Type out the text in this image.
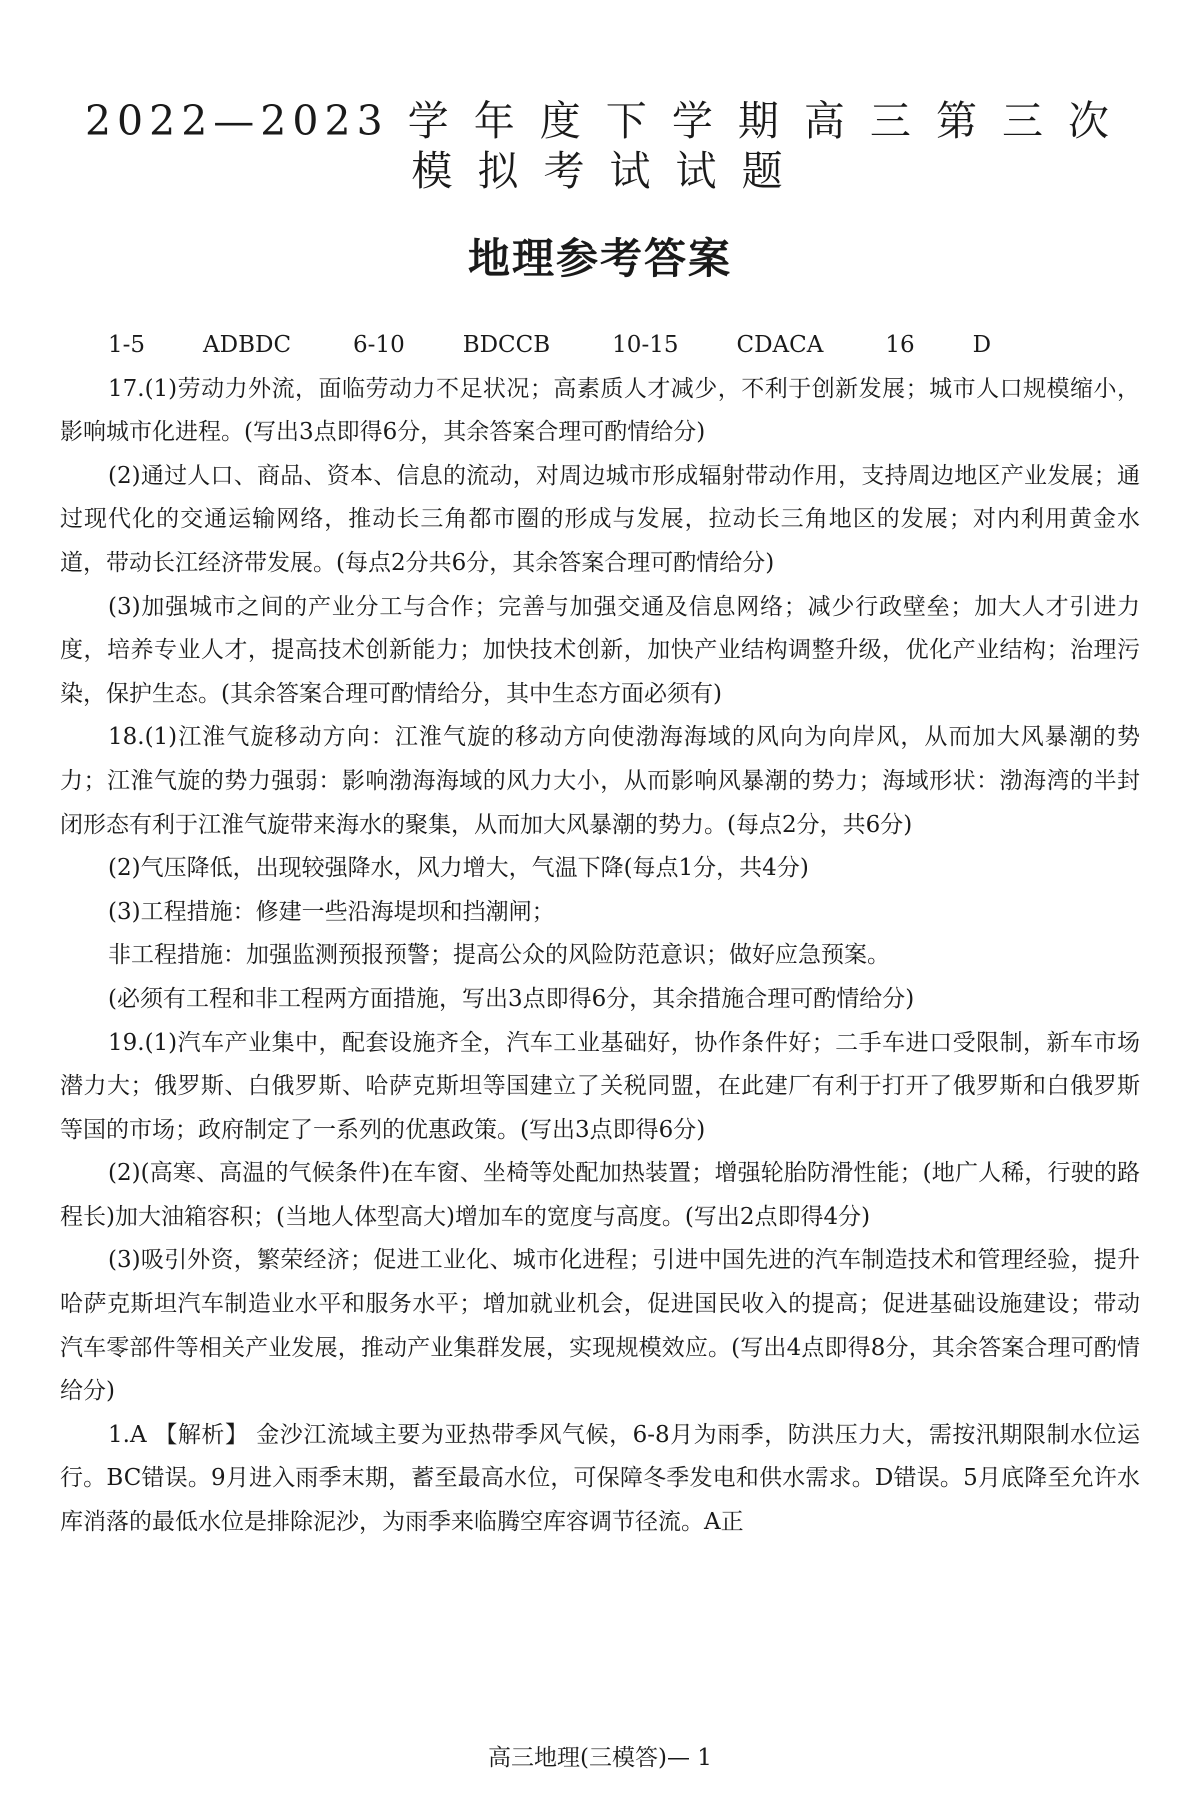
2022—2023 学 年 度 下 学 期 高 三 第 三 次 模 拟 考 试 试 题
地理参考答案

1-5	ADBDC	6-10	BDCCB	10-15	CDACA	16	D

17.(1)劳动力外流，面临劳动力不足状况；高素质人才减少，不利于创新发展；城市人口规模缩小，影响城市化进程。(写出3点即得6分，其余答案合理可酌情给分)

(2)通过人口、商品、资本、信息的流动，对周边城市形成辐射带动作用，支持周边地区产业发展；通过现代化的交通运输网络，推动长三角都市圈的形成与发展，拉动长三角地区的发展；对内利用黄金水道，带动长江经济带发展。(每点2分共6分，其余答案合理可酌情给分)

(3)加强城市之间的产业分工与合作；完善与加强交通及信息网络；减少行政壁垒；加大人才引进力度，培养专业人才，提高技术创新能力；加快技术创新，加快产业结构调整升级，优化产业结构；治理污染，保护生态。(其余答案合理可酌情给分，其中生态方面必须有)

18.(1)江淮气旋移动方向：江淮气旋的移动方向使渤海海域的风向为向岸风，从而加大风暴潮的势力；江淮气旋的势力强弱：影响渤海海域的风力大小，从而影响风暴潮的势力；海域形状：渤海湾的半封闭形态有利于江淮气旋带来海水的聚集，从而加大风暴潮的势力。(每点2分，共6分)

(2)气压降低，出现较强降水，风力增大，气温下降(每点1分，共4分)

(3)工程措施：修建一些沿海堤坝和挡潮闸；

非工程措施：加强监测预报预警；提高公众的风险防范意识；做好应急预案。

(必须有工程和非工程两方面措施，写出3点即得6分，其余措施合理可酌情给分)

19.(1)汽车产业集中，配套设施齐全，汽车工业基础好，协作条件好；二手车进口受限制，新车市场潜力大；俄罗斯、白俄罗斯、哈萨克斯坦等国建立了关税同盟，在此建厂有利于打开了俄罗斯和白俄罗斯等国的市场；政府制定了一系列的优惠政策。(写出3点即得6分)

(2)(高寒、高温的气候条件)在车窗、坐椅等处配加热装置；增强轮胎防滑性能；(地广人稀，行驶的路程长)加大油箱容积；(当地人体型高大)增加车的宽度与高度。(写出2点即得4分)

(3)吸引外资，繁荣经济；促进工业化、城市化进程；引进中国先进的汽车制造技术和管理经验，提升哈萨克斯坦汽车制造业水平和服务水平；增加就业机会，促进国民收入的提高；促进基础设施建设；带动汽车零部件等相关产业发展，推动产业集群发展，实现规模效应。(写出4点即得8分，其余答案合理可酌情给分)

1.A 【解析】 金沙江流域主要为亚热带季风气候，6-8月为雨季，防洪压力大，需按汛期限制水位运行。BC错误。9月进入雨季末期，蓄至最高水位，可保障冬季发电和供水需求。D错误。5月底降至允许水库消落的最低水位是排除泥沙，为雨季来临腾空库容调节径流。A正

高三地理(三模答)— 1
